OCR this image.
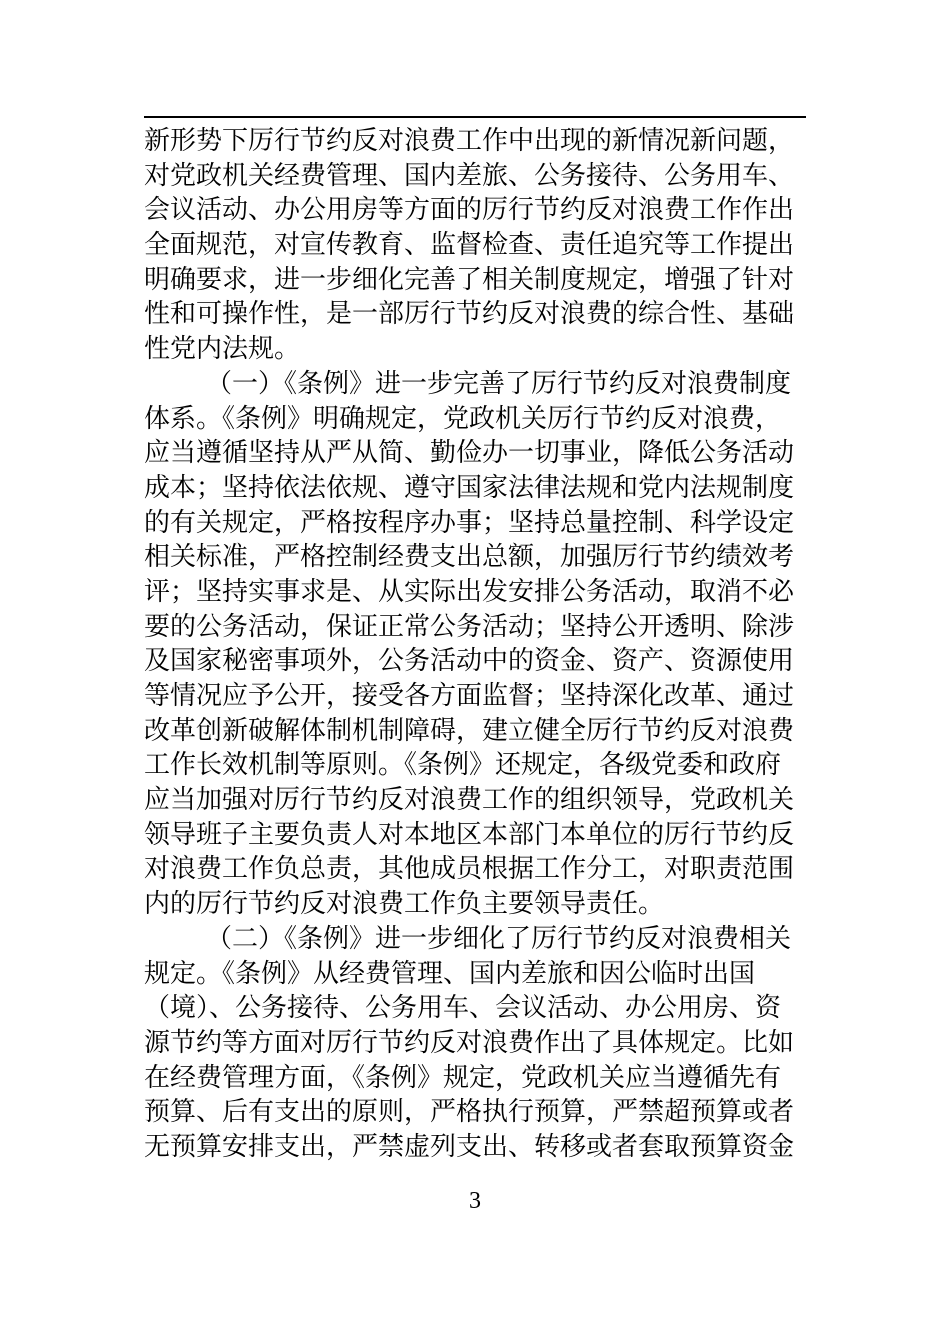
新形势下厉行节约反对浪费工作中出现的新情况新问题，
对党政机关经费管理、国内差旅、公务接待、公务用车、
会议活动、办公用房等方面的厉行节约反对浪费工作作出
全面规范，对宣传教育、监督检查、责任追究等工作提出
明确要求，进一步细化完善了相关制度规定，增强了针对
性和可操作性，是一部厉行节约反对浪费的综合性、基础
性党内法规。
（一）《条例》进一步完善了厉行节约反对浪费制度
体系。《条例》明确规定，党政机关厉行节约反对浪费，
应当遵循坚持从严从简、勤俭办一切事业，降低公务活动
成本；坚持依法依规、遵守国家法律法规和党内法规制度
的有关规定，严格按程序办事；坚持总量控制、科学设定
相关标准，严格控制经费支出总额，加强厉行节约绩效考
评；坚持实事求是、从实际出发安排公务活动，取消不必
要的公务活动，保证正常公务活动；坚持公开透明、除涉
及国家秘密事项外，公务活动中的资金、资产、资源使用
等情况应予公开，接受各方面监督；坚持深化改革、通过
改革创新破解体制机制障碍，建立健全厉行节约反对浪费
工作长效机制等原则。《条例》还规定，各级党委和政府
应当加强对厉行节约反对浪费工作的组织领导，党政机关
领导班子主要负责人对本地区本部门本单位的厉行节约反
对浪费工作负总责，其他成员根据工作分工，对职责范围
内的厉行节约反对浪费工作负主要领导责任。
（二）《条例》进一步细化了厉行节约反对浪费相关
规定。《条例》从经费管理、国内差旅和因公临时出国
（境）、公务接待、公务用车、会议活动、办公用房、资
源节约等方面对厉行节约反对浪费作出了具体规定。比如
在经费管理方面，《条例》规定，党政机关应当遵循先有
预算、后有支出的原则，严格执行预算，严禁超预算或者
无预算安排支出，严禁虚列支出、转移或者套取预算资金
3
